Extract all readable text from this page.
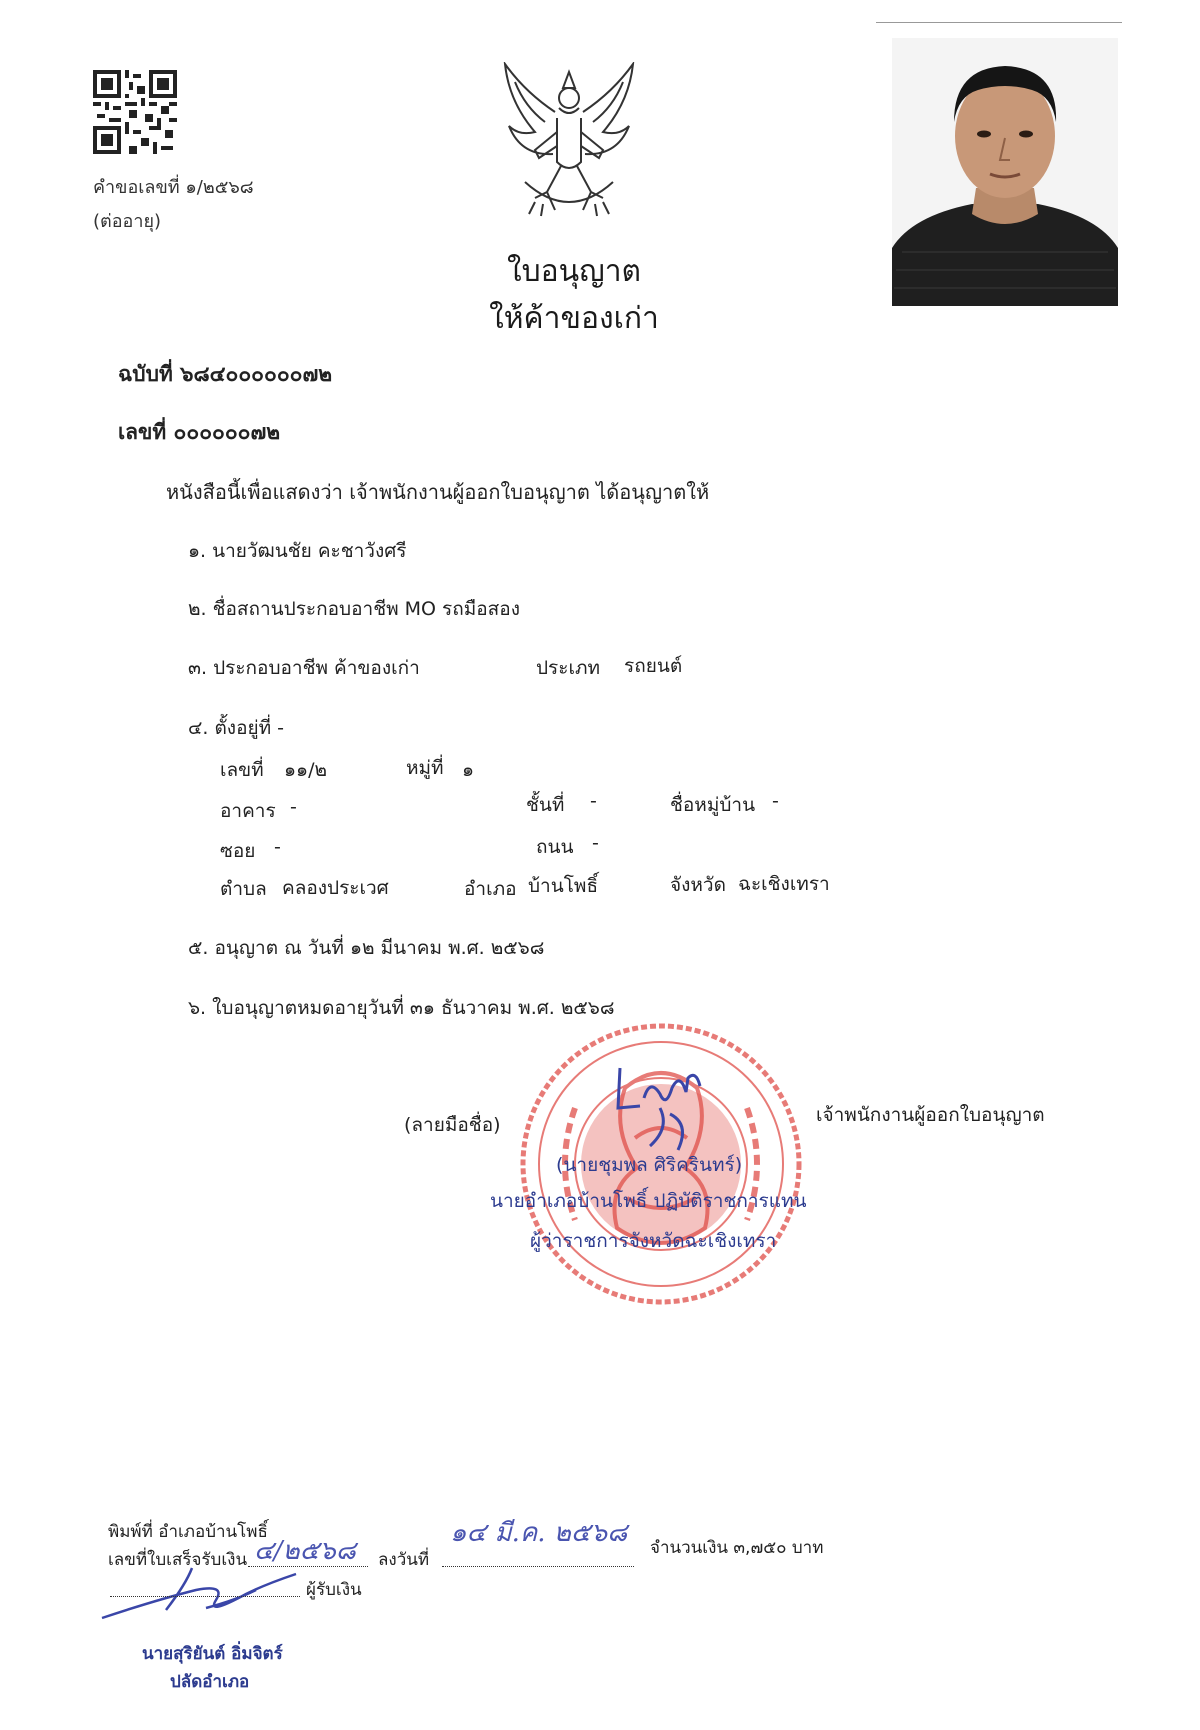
คำขอเลขที่ ๑/๒๕๖๘
(ต่ออายุ)
ใบอนุญาต
ให้ค้าของเก่า
ฉบับที่ ๖๘๔๐๐๐๐๐๐๗๒
เลขที่ ๐๐๐๐๐๐๗๒
หนังสือนี้เพื่อแสดงว่า เจ้าพนักงานผู้ออกใบอนุญาต ได้อนุญาตให้
๑. นายวัฒนชัย คะชาวังศรี
๒. ชื่อสถานประกอบอาชีพ MO รถมือสอง
๓. ประกอบอาชีพ ค้าของเก่า	ประเภท รถยนต์
๔. ตั้งอยู่ที่ -
เลขที่ ๑๑/๒	หมู่ที่ ๑
อาคาร -	ชั้นที่ -	ชื่อหมู่บ้าน -
ซอย -	ถนน -
ตำบล คลองประเวศ	อำเภอ บ้านโพธิ์	จังหวัด ฉะเชิงเทรา
๕. อนุญาต ณ วันที่ ๑๒ มีนาคม พ.ศ. ๒๕๖๘
๖. ใบอนุญาตหมดอายุวันที่ ๓๑ ธันวาคม พ.ศ. ๒๕๖๘
(ลายมือชื่อ)	เจ้าพนักงานผู้ออกใบอนุญาต
(นายชุมพล ศิริครินทร์)
นายอำเภอบ้านโพธิ์ ปฏิบัติราชการแทน
ผู้ว่าราชการจังหวัดฉะเชิงเทรา
พิมพ์ที่ อำเภอบ้านโพธิ์
เลขที่ใบเสร็จรับเงิน ๔/๒๕๖๘ ลงวันที่
๑๔ มี.ค. ๒๕๖๘ จำนวนเงิน ๓,๗๕๐ บาท
ผู้รับเงิน
นายสุริยันต์ อิ่มจิตร์
ปลัดอำเภอ
